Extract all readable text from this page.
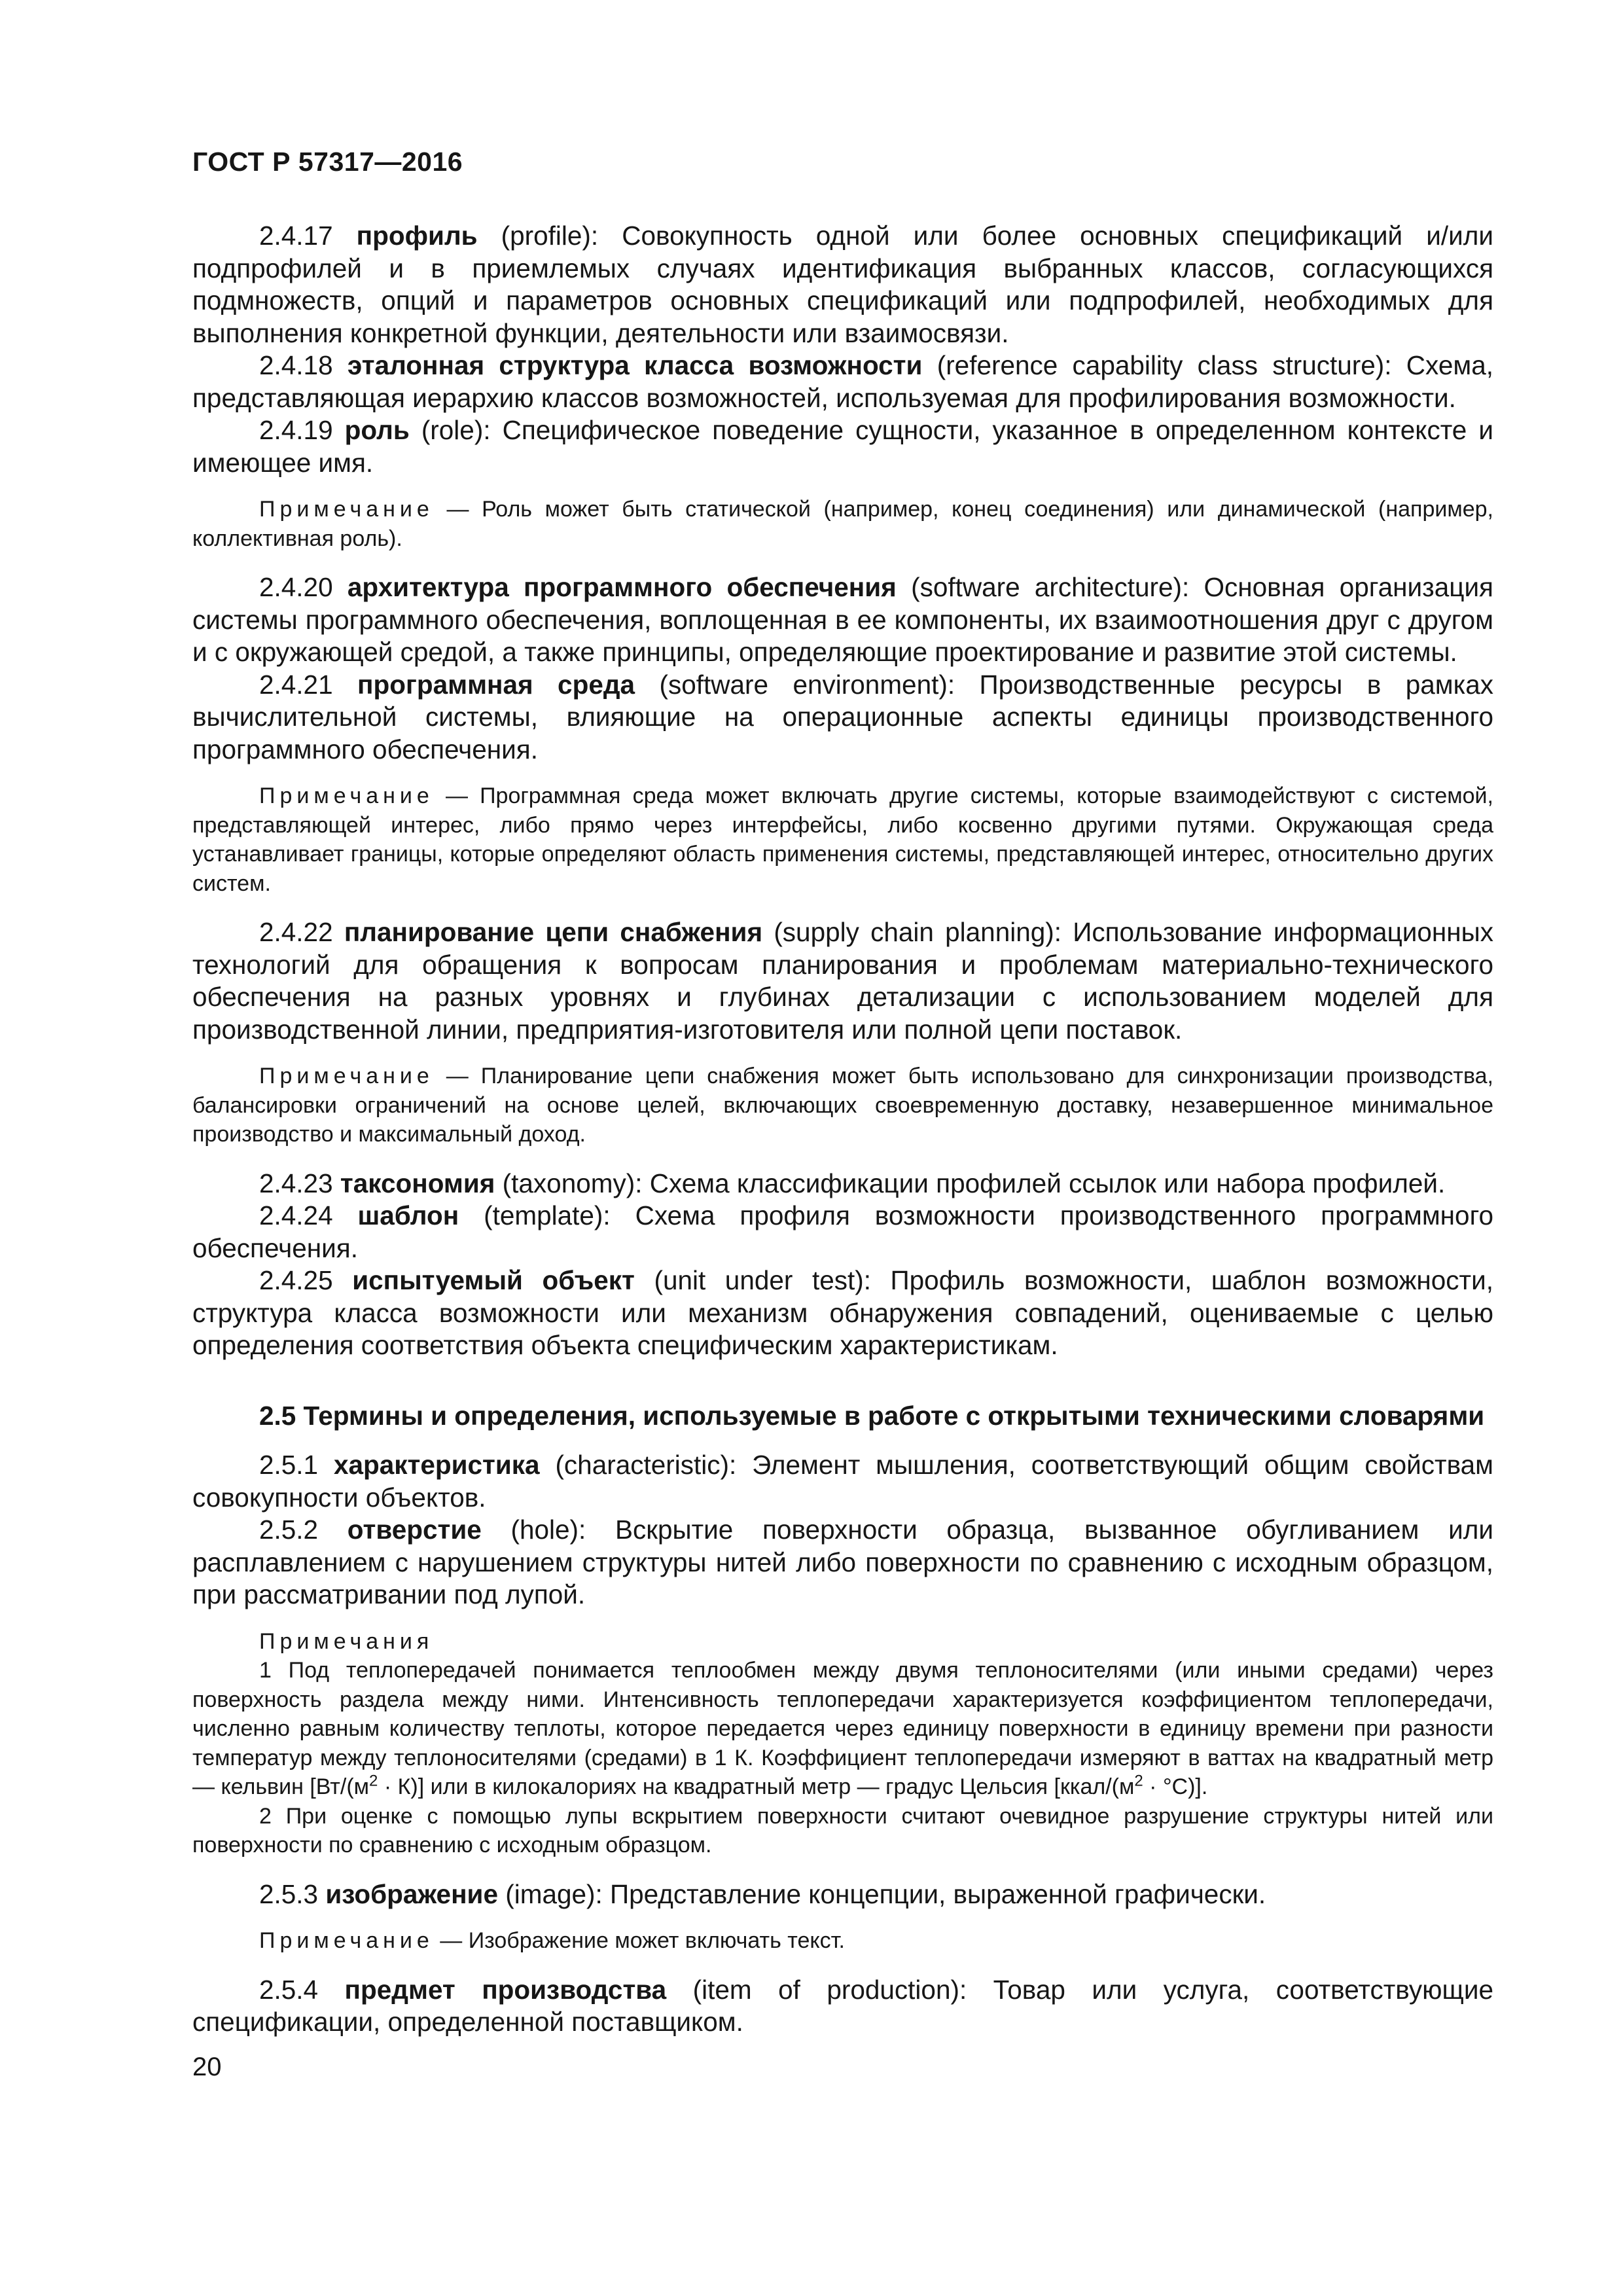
ГОСТ Р 57317—2016

2.4.17 профиль (profile): Совокупность одной или более основных спецификаций и/или подпрофилей и в приемлемых случаях идентификация выбранных классов, согласующихся подмножеств, опций и параметров основных спецификаций или подпрофилей, необходимых для выполнения конкретной функции, деятельности или взаимосвязи.

2.4.18 эталонная структура класса возможности (reference capability class structure): Схема, представляющая иерархию классов возможностей, используемая для профилирования возможности.

2.4.19 роль (role): Специфическое поведение сущности, указанное в определенном контексте и имеющее имя.

Примечание — Роль может быть статической (например, конец соединения) или динамической (например, коллективная роль).

2.4.20 архитектура программного обеспечения (software architecture): Основная организация системы программного обеспечения, воплощенная в ее компоненты, их взаимоотношения друг с другом и с окружающей средой, а также принципы, определяющие проектирование и развитие этой системы.

2.4.21 программная среда (software environment): Производственные ресурсы в рамках вычислительной системы, влияющие на операционные аспекты единицы производственного программного обеспечения.

Примечание — Программная среда может включать другие системы, которые взаимодействуют с системой, представляющей интерес, либо прямо через интерфейсы, либо косвенно другими путями. Окружающая среда устанавливает границы, которые определяют область применения системы, представляющей интерес, относительно других систем.

2.4.22 планирование цепи снабжения (supply chain planning): Использование информационных технологий для обращения к вопросам планирования и проблемам материально-технического обеспечения на разных уровнях и глубинах детализации с использованием моделей для производственной линии, предприятия-изготовителя или полной цепи поставок.

Примечание — Планирование цепи снабжения может быть использовано для синхронизации производства, балансировки ограничений на основе целей, включающих своевременную доставку, незавершенное минимальное производство и максимальный доход.

2.4.23 таксономия (taxonomy): Схема классификации профилей ссылок или набора профилей.

2.4.24 шаблон (template): Схема профиля возможности производственного программного обеспечения.

2.4.25 испытуемый объект (unit under test): Профиль возможности, шаблон возможности, структура класса возможности или механизм обнаружения совпадений, оцениваемые с целью определения соответствия объекта специфическим характеристикам.

2.5 Термины и определения, используемые в работе с открытыми техническими словарями

2.5.1 характеристика (characteristic): Элемент мышления, соответствующий общим свойствам совокупности объектов.

2.5.2 отверстие (hole): Вскрытие поверхности образца, вызванное обугливанием или расплавлением с нарушением структуры нитей либо поверхности по сравнению с исходным образцом, при рассматривании под лупой.

Примечания

1 Под теплопередачей понимается теплообмен между двумя теплоносителями (или иными средами) через поверхность раздела между ними. Интенсивность теплопередачи характеризуется коэффициентом теплопередачи, численно равным количеству теплоты, которое передается через единицу поверхности в единицу времени при разности температур между теплоносителями (средами) в 1 К. Коэффициент теплопередачи измеряют в ваттах на квадратный метр — кельвин $[Вт/(м^2 \cdot К)]$ или в килокалориях на квадратный метр — градус Цельсия $[ккал/(м^2 \cdot ^\circ С)]$.

2 При оценке с помощью лупы вскрытием поверхности считают очевидное разрушение структуры нитей или поверхности по сравнению с исходным образцом.

2.5.3 изображение (image): Представление концепции, выраженной графически.

Примечание — Изображение может включать текст.

2.5.4 предмет производства (item of production): Товар или услуга, соответствующие спецификации, определенной поставщиком.

20
